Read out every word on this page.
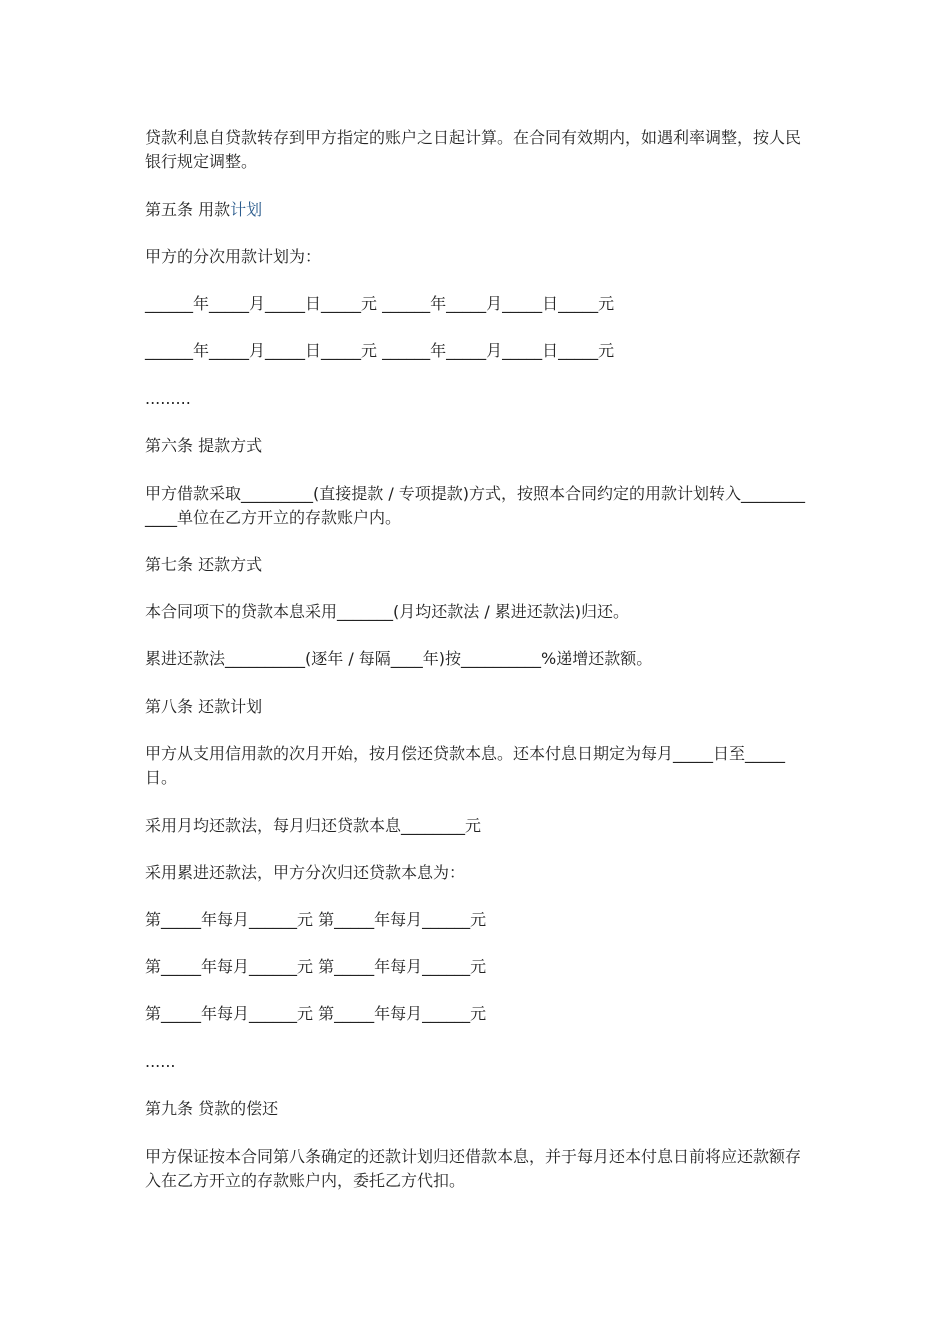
贷款利息自贷款转存到甲方指定的账户之日起计算。在合同有效期内，如遇利率调整，按人民银行规定调整。
第五条 用款计划
甲方的分次用款计划为：
______年_____月_____日_____元 ______年_____月_____日_____元
______年_____月_____日_____元 ______年_____月_____日_____元
.........
第六条 提款方式
甲方借款采取_________(直接提款 / 专项提款)方式，按照本合同约定的用款计划转入____________单位在乙方开立的存款账户内。
第七条 还款方式
本合同项下的贷款本息采用_______(月均还款法 / 累进还款法)归还。
累进还款法__________(逐年 / 每隔____年)按__________%递增还款额。
第八条 还款计划
甲方从支用信用款的次月开始，按月偿还贷款本息。还本付息日期定为每月_____日至_____日。
采用月均还款法，每月归还贷款本息________元
采用累进还款法，甲方分次归还贷款本息为：
第_____年每月______元 第_____年每月______元
第_____年每月______元 第_____年每月______元
第_____年每月______元 第_____年每月______元
......
第九条 贷款的偿还
甲方保证按本合同第八条确定的还款计划归还借款本息，并于每月还本付息日前将应还款额存入在乙方开立的存款账户内，委托乙方代扣。
